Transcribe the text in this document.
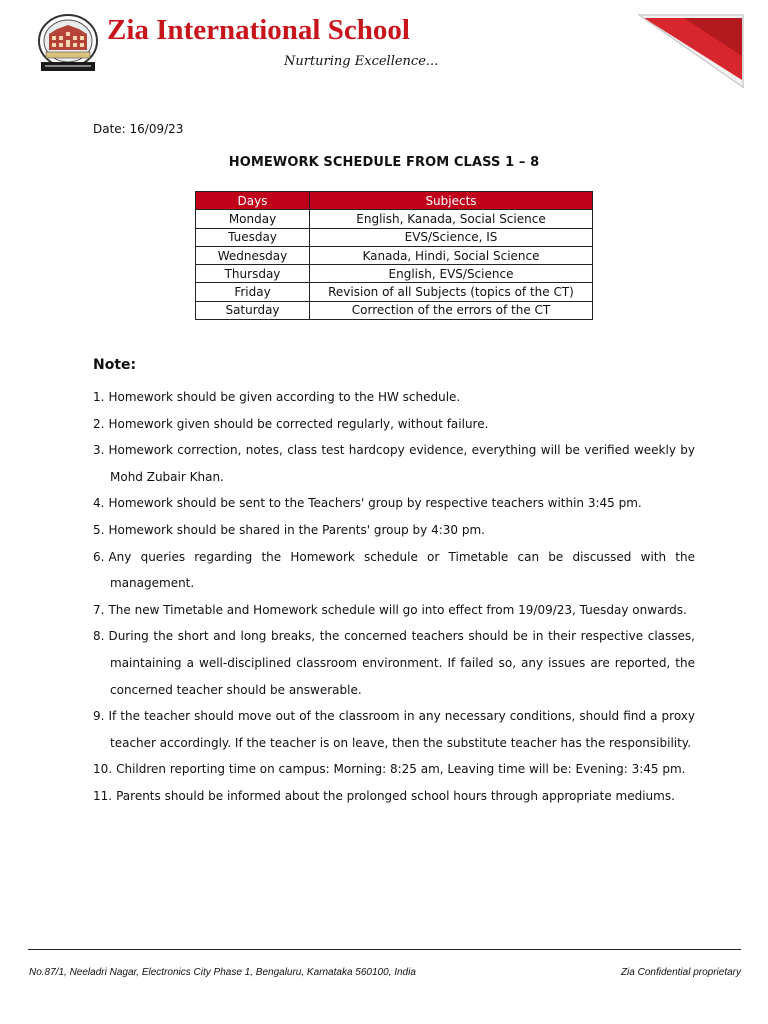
Zia International School
Nurturing Excellence...
Date: 16/09/23
HOMEWORK SCHEDULE FROM CLASS 1 – 8
Days	Subjects
Monday	English, Kanada, Social Science
Tuesday	EVS/Science, IS
Wednesday	Kanada, Hindi, Social Science
Thursday	English, EVS/Science
Friday	Revision of all Subjects (topics of the CT)
Saturday	Correction of the errors of the CT
Note:
1. Homework should be given according to the HW schedule.
2. Homework given should be corrected regularly, without failure.
3. Homework correction, notes, class test hardcopy evidence, everything will be verified weekly by Mohd Zubair Khan.
4. Homework should be sent to the Teachers' group by respective teachers within 3:45 pm.
5. Homework should be shared in the Parents' group by 4:30 pm.
6. Any queries regarding the Homework schedule or Timetable can be discussed with the management.
7. The new Timetable and Homework schedule will go into effect from 19/09/23, Tuesday onwards.
8. During the short and long breaks, the concerned teachers should be in their respective classes, maintaining a well-disciplined classroom environment. If failed so, any issues are reported, the concerned teacher should be answerable.
9. If the teacher should move out of the classroom in any necessary conditions, should find a proxy teacher accordingly. If the teacher is on leave, then the substitute teacher has the responsibility.
10. Children reporting time on campus: Morning: 8:25 am, Leaving time will be: Evening: 3:45 pm.
11. Parents should be informed about the prolonged school hours through appropriate mediums.
No.87/1, Neeladri Nagar, Electronics City Phase 1, Bengaluru, Karnataka 560100, India	Zia Confidential proprietary
